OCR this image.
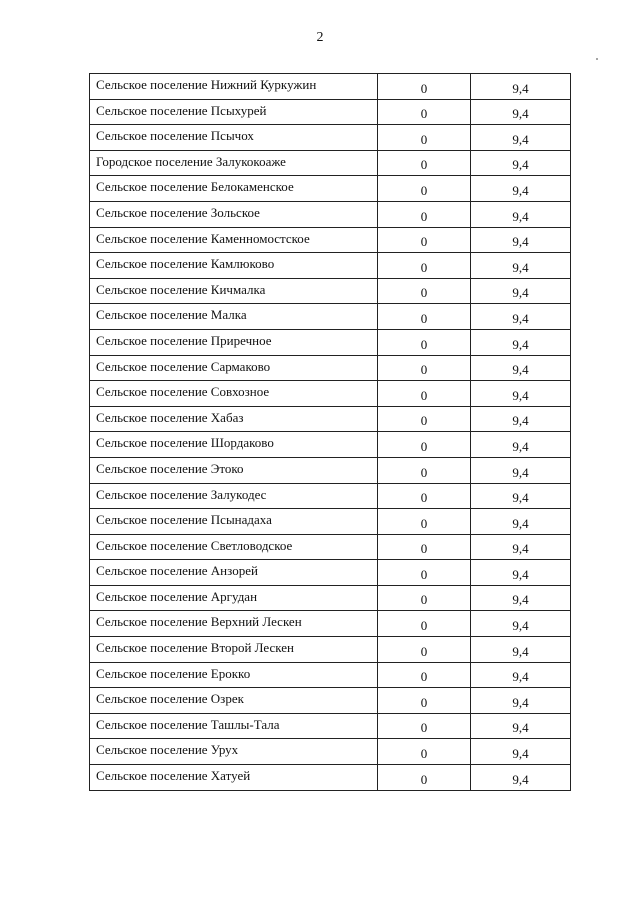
2
Сельское поселение Нижний Куркужин	0	9,4
Сельское поселение Псыхурей	0	9,4
Сельское поселение Псычох	0	9,4
Городское поселение Залукокоаже	0	9,4
Сельское поселение Белокаменское	0	9,4
Сельское поселение Зольское	0	9,4
Сельское поселение Каменномостское	0	9,4
Сельское поселение Камлюково	0	9,4
Сельское поселение Кичмалка	0	9,4
Сельское поселение Малка	0	9,4
Сельское поселение Приречное	0	9,4
Сельское поселение Сармаково	0	9,4
Сельское поселение Совхозное	0	9,4
Сельское поселение Хабаз	0	9,4
Сельское поселение Шордаково	0	9,4
Сельское поселение Этоко	0	9,4
Сельское поселение Залукодес	0	9,4
Сельское поселение Псынадаха	0	9,4
Сельское поселение Светловодское	0	9,4
Сельское поселение Анзорей	0	9,4
Сельское поселение Аргудан	0	9,4
Сельское поселение Верхний Лескен	0	9,4
Сельское поселение Второй Лескен	0	9,4
Сельское поселение Ерокко	0	9,4
Сельское поселение Озрек	0	9,4
Сельское поселение Ташлы-Тала	0	9,4
Сельское поселение Урух	0	9,4
Сельское поселение Хатуей	0	9,4
